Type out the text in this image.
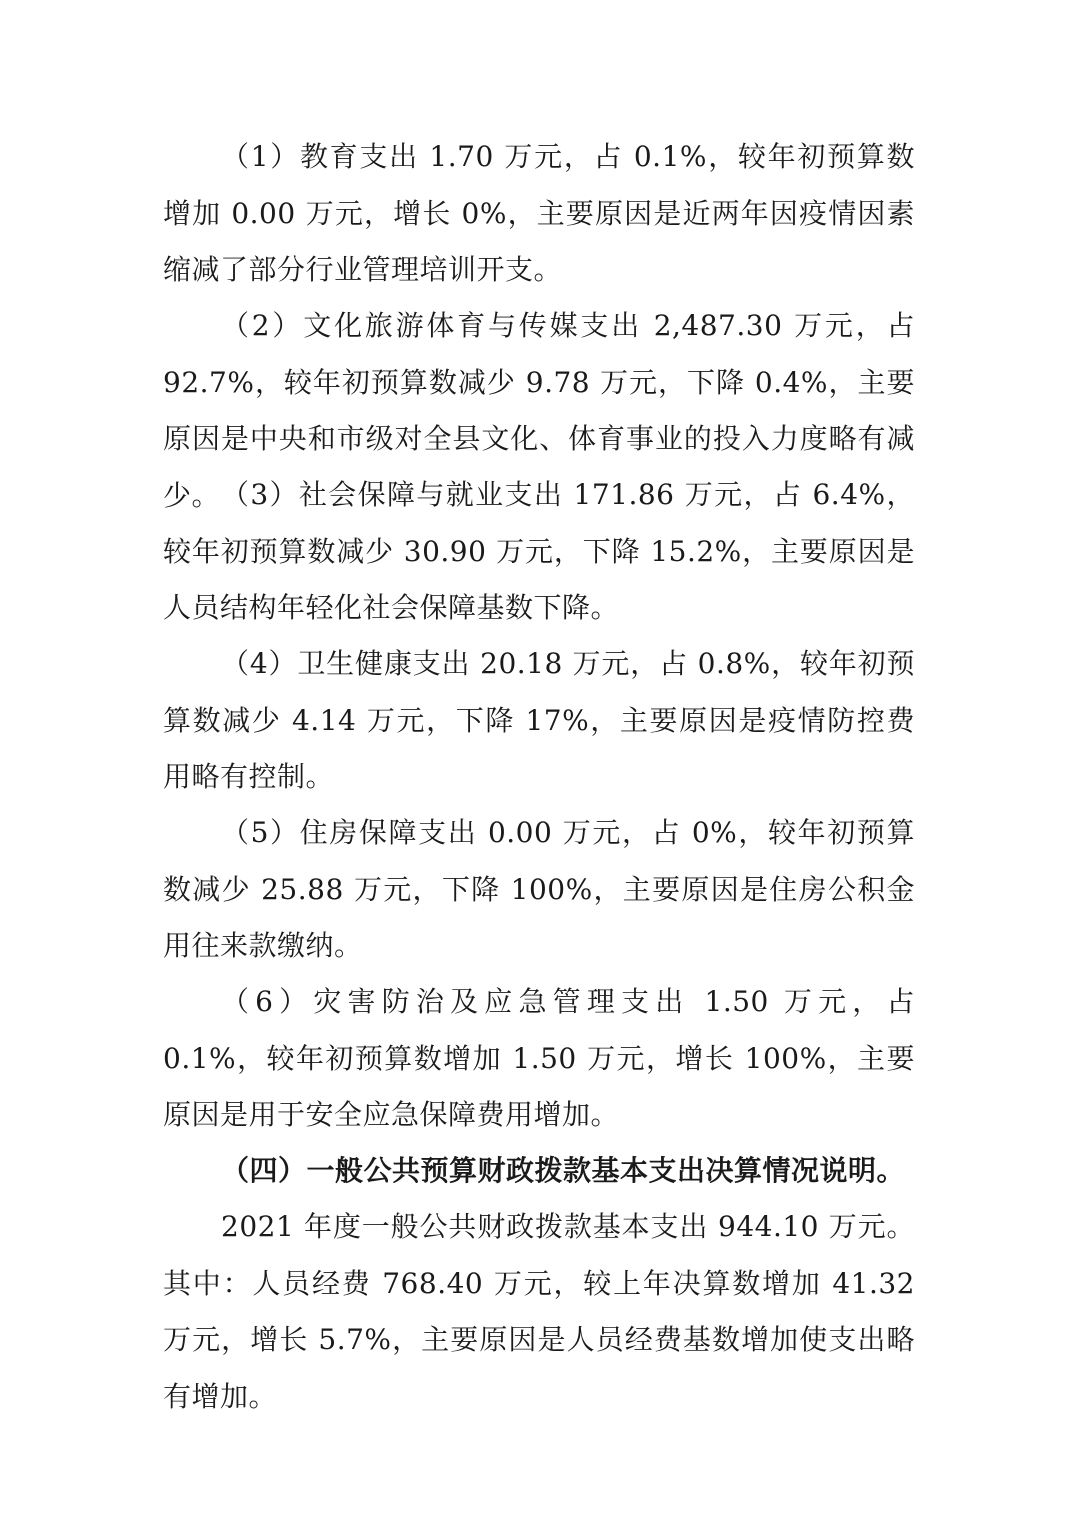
（1）教育支出 1.70 万元，占 0.1%，较年初预算数增加 0.00 万元，增长 0%，主要原因是近两年因疫情因素缩减了部分行业管理培训开支。

（2）文化旅游体育与传媒支出 2,487.30 万元，占 92.7%，较年初预算数减少 9.78 万元，下降 0.4%，主要原因是中央和市级对全县文化、体育事业的投入力度略有减少。 （3）社会保障与就业支出 171.86 万元，占 6.4%，较年初预算数减少 30.90 万元，下降 15.2%，主要原因是人员结构年轻化社会保障基数下降。

（4）卫生健康支出 20.18 万元，占 0.8%，较年初预算数减少 4.14 万元，下降 17%，主要原因是疫情防控费用略有控制。

（5）住房保障支出 0.00 万元，占 0%，较年初预算数减少 25.88 万元，下降 100%，主要原因是住房公积金用往来款缴纳。

（6）灾害防治及应急管理支出 1.50 万元，占 0.1%，较年初预算数增加 1.50 万元，增长 100%，主要原因是用于安全应急保障费用增加。

（四）一般公共预算财政拨款基本支出决算情况说明。

2021 年度一般公共财政拨款基本支出 944.10 万元。其中：人员经费 768.40 万元，较上年决算数增加 41.32 万元，增长 5.7%，主要原因是人员经费基数增加使支出略有增加。
